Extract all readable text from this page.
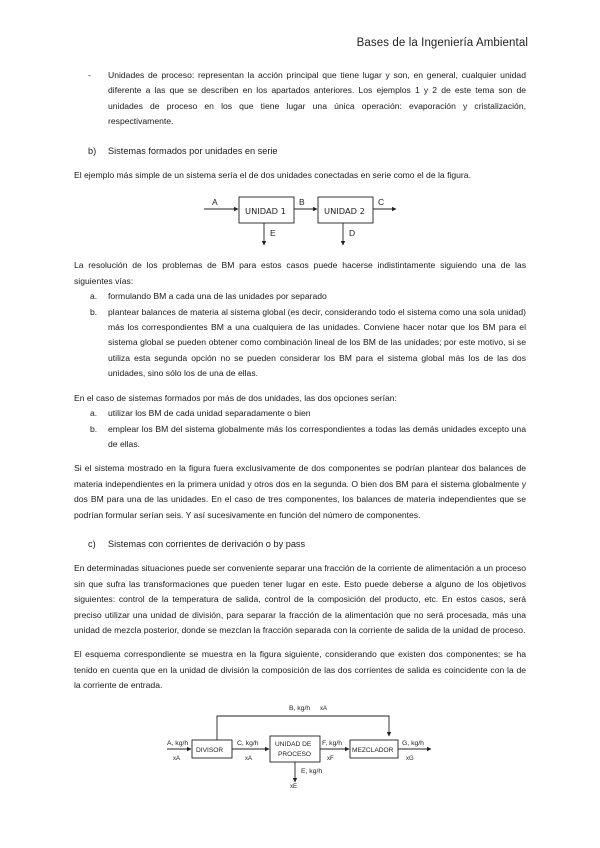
Bases de la Ingeniería Ambiental

- Unidades de proceso: representan la acción principal que tiene lugar y son, en general, cualquier unidad diferente a las que se describen en los apartados anteriores. Los ejemplos 1 y 2 de este tema son de unidades de proceso en los que tiene lugar una única operación: evaporación y cristalización, respectivamente.

b) Sistemas formados por unidades en serie

El ejemplo más simple de un sistema sería el de dos unidades conectadas en serie como el de la figura.

A
UNIDAD 1
B
UNIDAD 2
C
E	D

La resolución de los problemas de BM para estos casos puede hacerse indistintamente siguiendo una de las siguientes vías:

a. formulando BM a cada una de las unidades por separado
b. plantear balances de materia al sistema global (es decir, considerando todo el sistema como una sola unidad) más los correspondientes BM a una cualquiera de las unidades. Conviene hacer notar que los BM para el sistema global se pueden obtener como combinación lineal de los BM de las unidades; por este motivo, si se utiliza esta segunda opción no se pueden considerar los BM para el sistema global más los de las dos unidades, sino sólo los de una de ellas.

En el caso de sistemas formados por más de dos unidades, las dos opciones serían:

a. utilizar los BM de cada unidad separadamente o bien
b. emplear los BM del sistema globalmente más los correspondientes a todas las demás unidades excepto una de ellas.

Si el sistema mostrado en la figura fuera exclusivamente de dos componentes se podrían plantear dos balances de materia independientes en la primera unidad y otros dos en la segunda. O bien dos BM para el sistema globalmente y dos BM para una de las unidades. En el caso de tres componentes, los balances de materia independientes que se podrían formular serían seis. Y así sucesivamente en función del número de componentes.

c) Sistemas con corrientes de derivación o by pass

En determinadas situaciones puede ser conveniente separar una fracción de la corriente de alimentación a un proceso sin que sufra las transformaciones que pueden tener lugar en este. Esto puede deberse a alguno de los objetivos siguientes: control de la temperatura de salida, control de la composición del producto, etc. En estos casos, será preciso utilizar una unidad de división, para separar la fracción de la alimentación que no será procesada, más una unidad de mezcla posterior, donde se mezclan la fracción separada con la corriente de salida de la unidad de proceso.

El esquema correspondiente se muestra en la figura siguiente, considerando que existen dos componentes; se ha tenido en cuenta que en la unidad de división la composición de las dos corrientes de salida es coincidente con la de la corriente de entrada.

B, kg/h xA
A, kg/h
xA
DIVISOR
C, kg/h
xA
UNIDAD DE
PROCESO
F, kg/h
xF
MEZCLADOR
G, kg/h
xG
E, kg/h
xE
